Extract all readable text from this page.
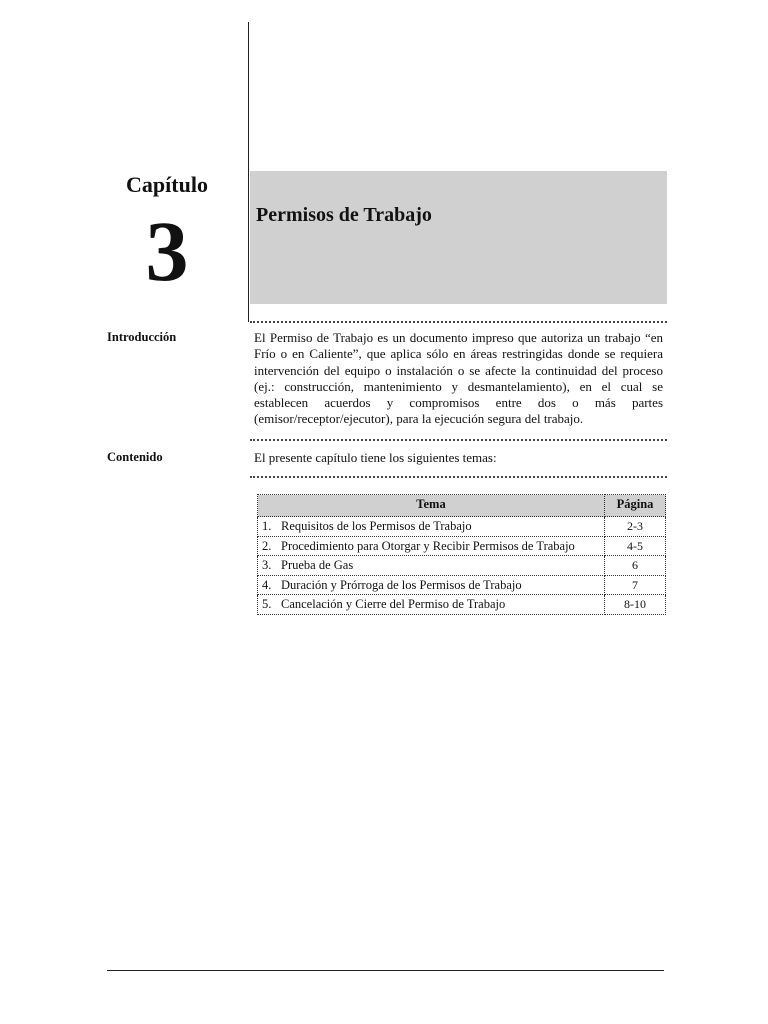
Capítulo
3	Permisos de Trabajo
Introducción	El Permiso de Trabajo es un documento impreso que autoriza un trabajo “en Frío o en Caliente”, que aplica sólo en áreas restringidas donde se requiera intervención del equipo o instalación o se afecte la continuidad del proceso (ej.: construcción, mantenimiento y desmantelamiento), en el cual se establecen acuerdos y compromisos entre dos o más partes (emisor/receptor/ejecutor), para la ejecución segura del trabajo.

Contenido	El presente capítulo tiene los siguientes temas:

Tema	Página

1. Requisitos de los Permisos de Trabajo	2-3

2. Procedimiento para Otorgar y Recibir Permisos de Trabajo	4-5

3. Prueba de Gas	6

4. Duración y Prórroga de los Permisos de Trabajo	7

5. Cancelación y Cierre del Permiso de Trabajo	8-10
